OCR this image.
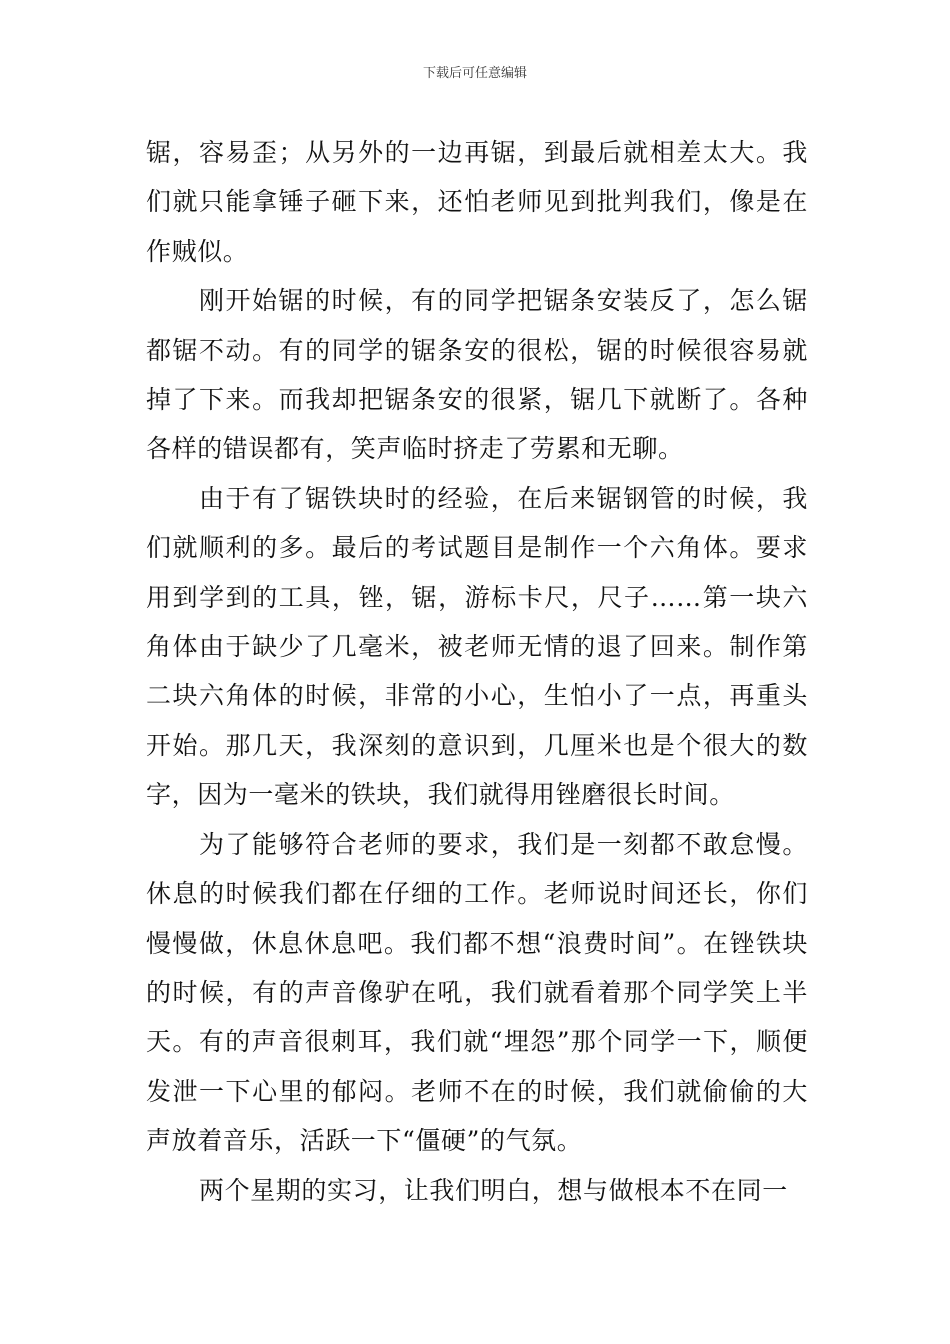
下载后可任意编辑

锯，容易歪；从另外的一边再锯，到最后就相差太大。我们就只能拿锤子砸下来，还怕老师见到批判我们，像是在作贼似。

刚开始锯的时候，有的同学把锯条安装反了，怎么锯都锯不动。有的同学的锯条安的很松，锯的时候很容易就掉了下来。而我却把锯条安的很紧，锯几下就断了。各种各样的错误都有，笑声临时挤走了劳累和无聊。

由于有了锯铁块时的经验，在后来锯钢管的时候，我们就顺利的多。最后的考试题目是制作一个六角体。要求用到学到的工具，锉，锯，游标卡尺，尺子……第一块六角体由于缺少了几毫米，被老师无情的退了回来。制作第二块六角体的时候，非常的小心，生怕小了一点，再重头开始。那几天，我深刻的意识到，几厘米也是个很大的数字，因为一毫米的铁块，我们就得用锉磨很长时间。

为了能够符合老师的要求，我们是一刻都不敢怠慢。休息的时候我们都在仔细的工作。老师说时间还长，你们慢慢做，休息休息吧。我们都不想“浪费时间”。在锉铁块的时候，有的声音像驴在吼，我们就看着那个同学笑上半天。有的声音很刺耳，我们就“埋怨”那个同学一下，顺便发泄一下心里的郁闷。老师不在的时候，我们就偷偷的大声放着音乐，活跃一下“僵硬”的气氛。

两个星期的实习，让我们明白，想与做根本不在同一
